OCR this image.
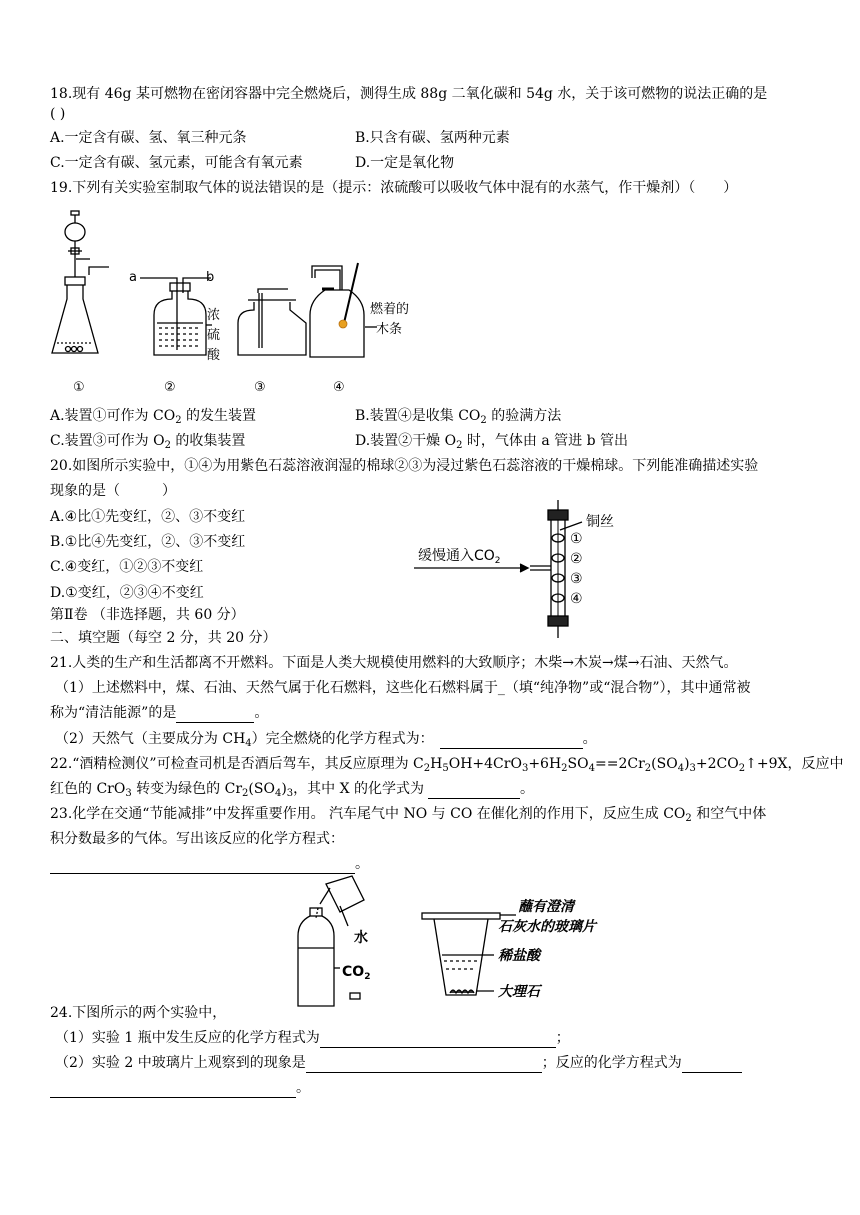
18.现有 46g 某可燃物在密闭容器中完全燃烧后，测得生成 88g 二氧化碳和 54g 水，关于该可燃物的说法正确的是
( )
A.一定含有碳、氢、氧三种元条	B.只含有碳、氢两种元素
C.一定含有碳、氢元素，可能含有氧元素	D.一定是氧化物
19.下列有关实验室制取气体的说法错误的是（提示：浓硫酸可以吸收气体中混有的水蒸气，作干燥剂）（　　）
a	b
浓
硫
酸
燃着的
木条
①	②	③	④
A.装置①可作为 $CO_2$ 的发生装置	B.装置④是收集 $CO_2$ 的验满方法
C.装置③可作为 $O_2$ 的收集装置	D.装置②干燥 $O_2$ 时，气体由 a 管进 b 管出
20.如图所示实验中，①④为用紫色石蕊溶液润湿的棉球②③为浸过紫色石蕊溶液的干燥棉球。下列能准确描述实验
现象的是（　　　）
A.④比①先变红，②、③不变红
B.①比④先变红，②、③不变红
C.④变红，①②③不变红
D.①变红，②③④不变红
缓慢通入$CO_2$
铜丝
①
②
③
④
第Ⅱ卷 （非选择题，共 60 分）
二、填空题（每空 2 分，共 20 分）
21.人类的生产和生活都离不开燃料。下面是人类大规模使用燃料的大致顺序；木柴→木炭→煤→石油、天然气。
（1）上述燃料中，煤、石油、天然气属于化石燃料，这些化石燃料属于_（填“纯净物”或“混合物”），其中通常被
称为“清洁能源”的是	。
（2）天然气（主要成分为 $CH_4$）完全燃烧的化学方程式为：	。
22.“酒精检测仪”可检查司机是否酒后驾车，其反应原理为 $C_2H_5OH+4CrO_3+6H_2SO_4==2Cr_2(SO_4)_3+2CO_2↑+9X$，反应中
红色的 CrO$_3$ 转变为绿色的 $Cr_2(SO_4)_3$，其中 X 的化学式为	。
23.化学在交通“节能减排”中发挥重要作用。 汽车尾气中 NO 与 CO 在催化剂的作用下，反应生成 $CO_2$ 和空气中体
积分数最多的气体。写出该反应的化学方程式：
。
水
$CO_2$
蘸有澄清
石灰水的玻璃片
稀盐酸
大理石
24.下图所示的两个实验中，
（1）实验 1 瓶中发生反应的化学方程式为	；
（2）实验 2 中玻璃片上观察到的现象是	；反应的化学方程式为
。
